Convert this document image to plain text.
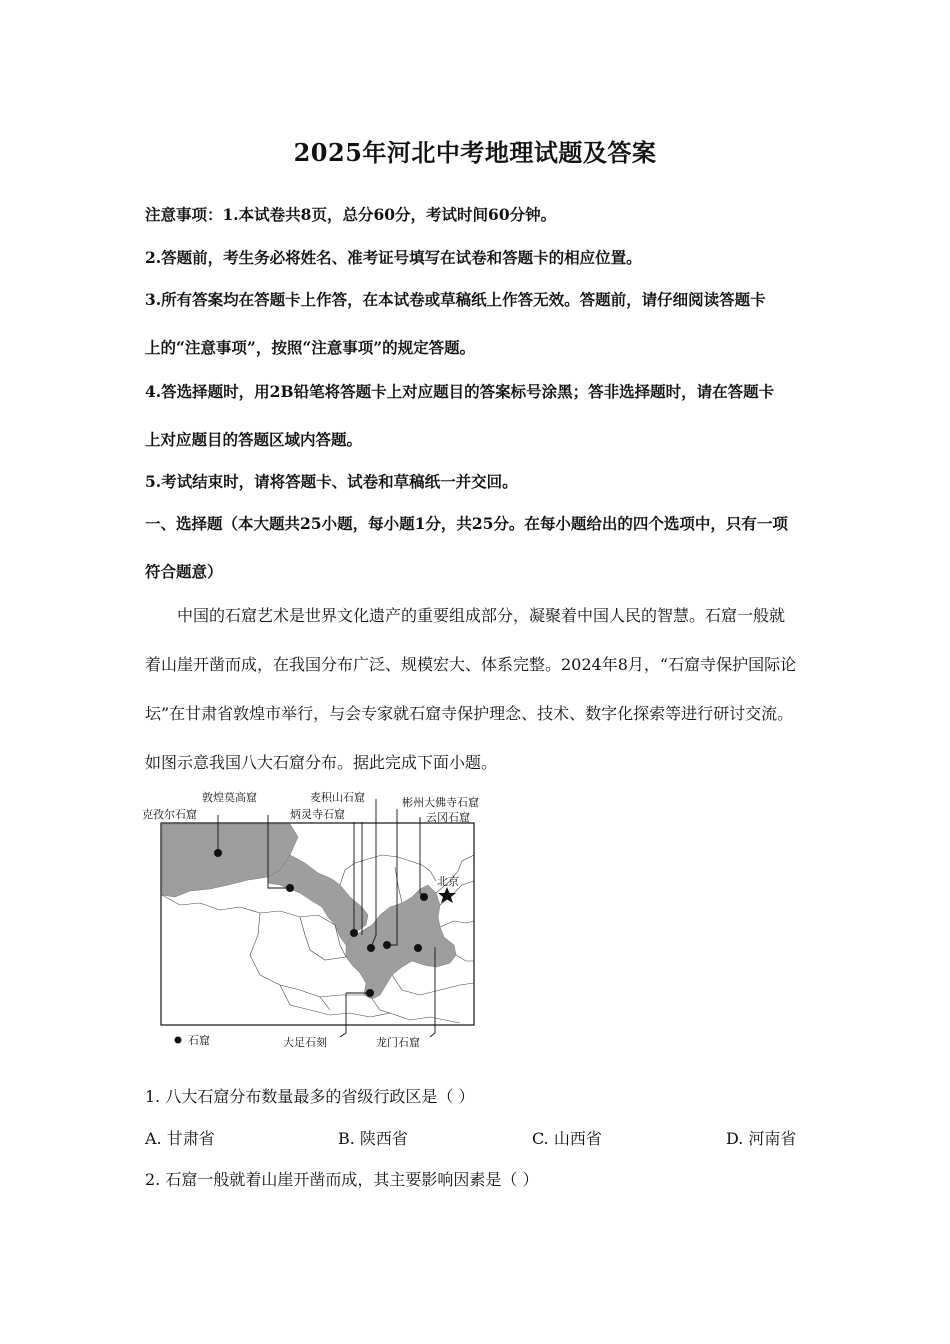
2025年河北中考地理试题及答案
注意事项：1.本试卷共8页，总分60分，考试时间60分钟。
2.答题前，考生务必将姓名、准考证号填写在试卷和答题卡的相应位置。
3.所有答案均在答题卡上作答，在本试卷或草稿纸上作答无效。答题前，请仔细阅读答题卡
上的“注意事项”，按照“注意事项”的规定答题。
4.答选择题时，用2B铅笔将答题卡上对应题目的答案标号涂黑；答非选择题时，请在答题卡
上对应题目的答题区域内答题。
5.考试结束时，请将答题卡、试卷和草稿纸一并交回。
一、选择题（本大题共25小题，每小题1分，共25分。在每小题给出的四个选项中，只有一项
符合题意）
中国的石窟艺术是世界文化遗产的重要组成部分，凝聚着中国人民的智慧。石窟一般就
着山崖开凿而成，在我国分布广泛、规模宏大、体系完整。2024年8月，“石窟寺保护国际论
坛”在甘肃省敦煌市举行，与会专家就石窟寺保护理念、技术、数字化探索等进行研讨交流。
如图示意我国八大石窟分布。据此完成下面小题。
敦煌莫高窟
克孜尔石窟
麦积山石窟
炳灵寺石窟
彬州大佛寺石窟
云冈石窟
北京
石窟	大足石刻	龙门石窟
1. 八大石窟分布数量最多的省级行政区是（ ）
A. 甘肃省	B. 陕西省	C. 山西省	D. 河南省
2. 石窟一般就着山崖开凿而成，其主要影响因素是（ ）
